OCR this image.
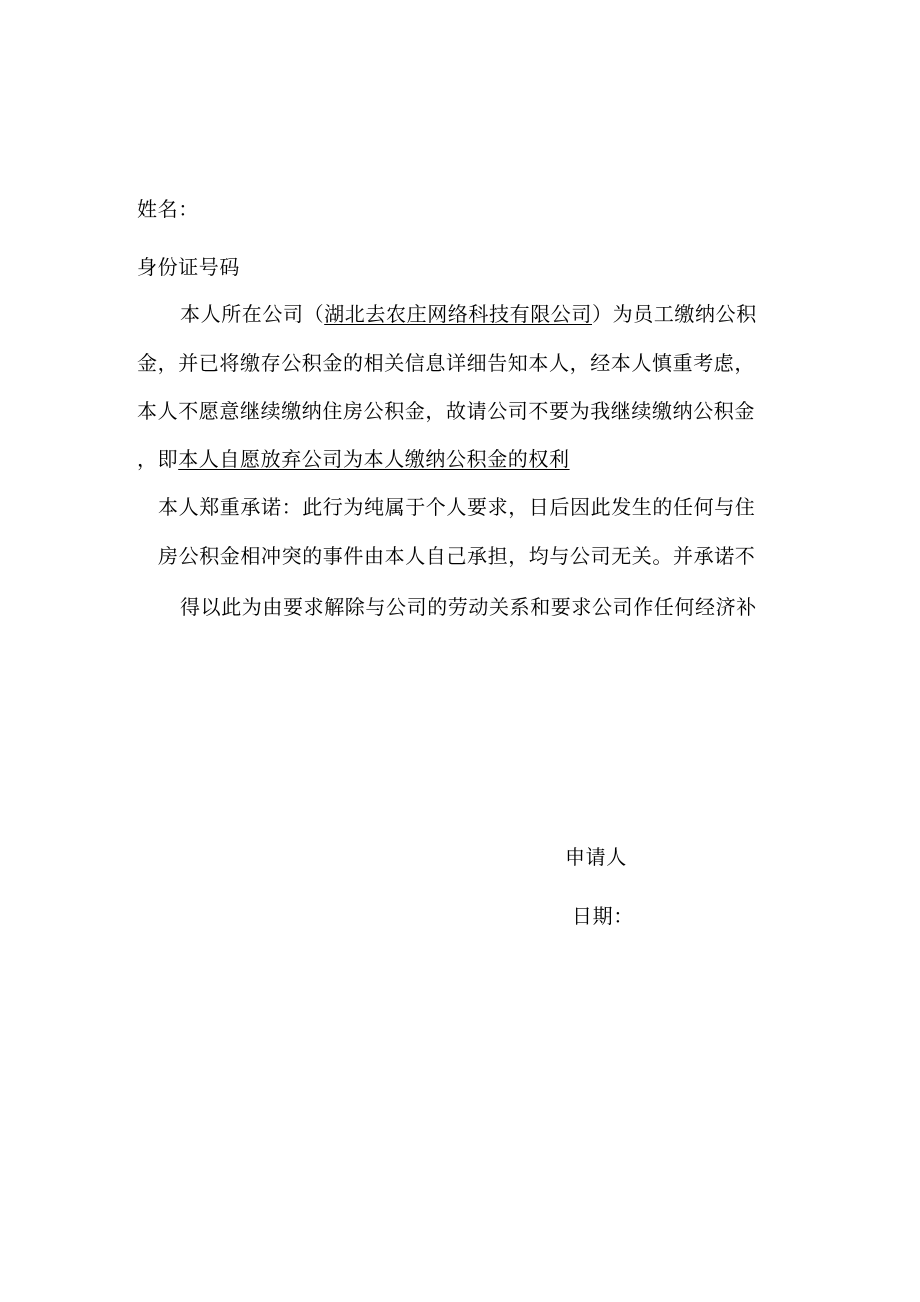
姓名：
身份证号码
本人所在公司（湖北去农庄网络科技有限公司）为员工缴纳公积
金，并已将缴存公积金的相关信息详细告知本人，经本人慎重考虑，
本人不愿意继续缴纳住房公积金，故请公司不要为我继续缴纳公积金
，即本人自愿放弃公司为本人缴纳公积金的权利
本人郑重承诺：此行为纯属于个人要求，日后因此发生的任何与住
房公积金相冲突的事件由本人自己承担，均与公司无关。并承诺不
得以此为由要求解除与公司的劳动关系和要求公司作任何经济补
申请人
日期：
